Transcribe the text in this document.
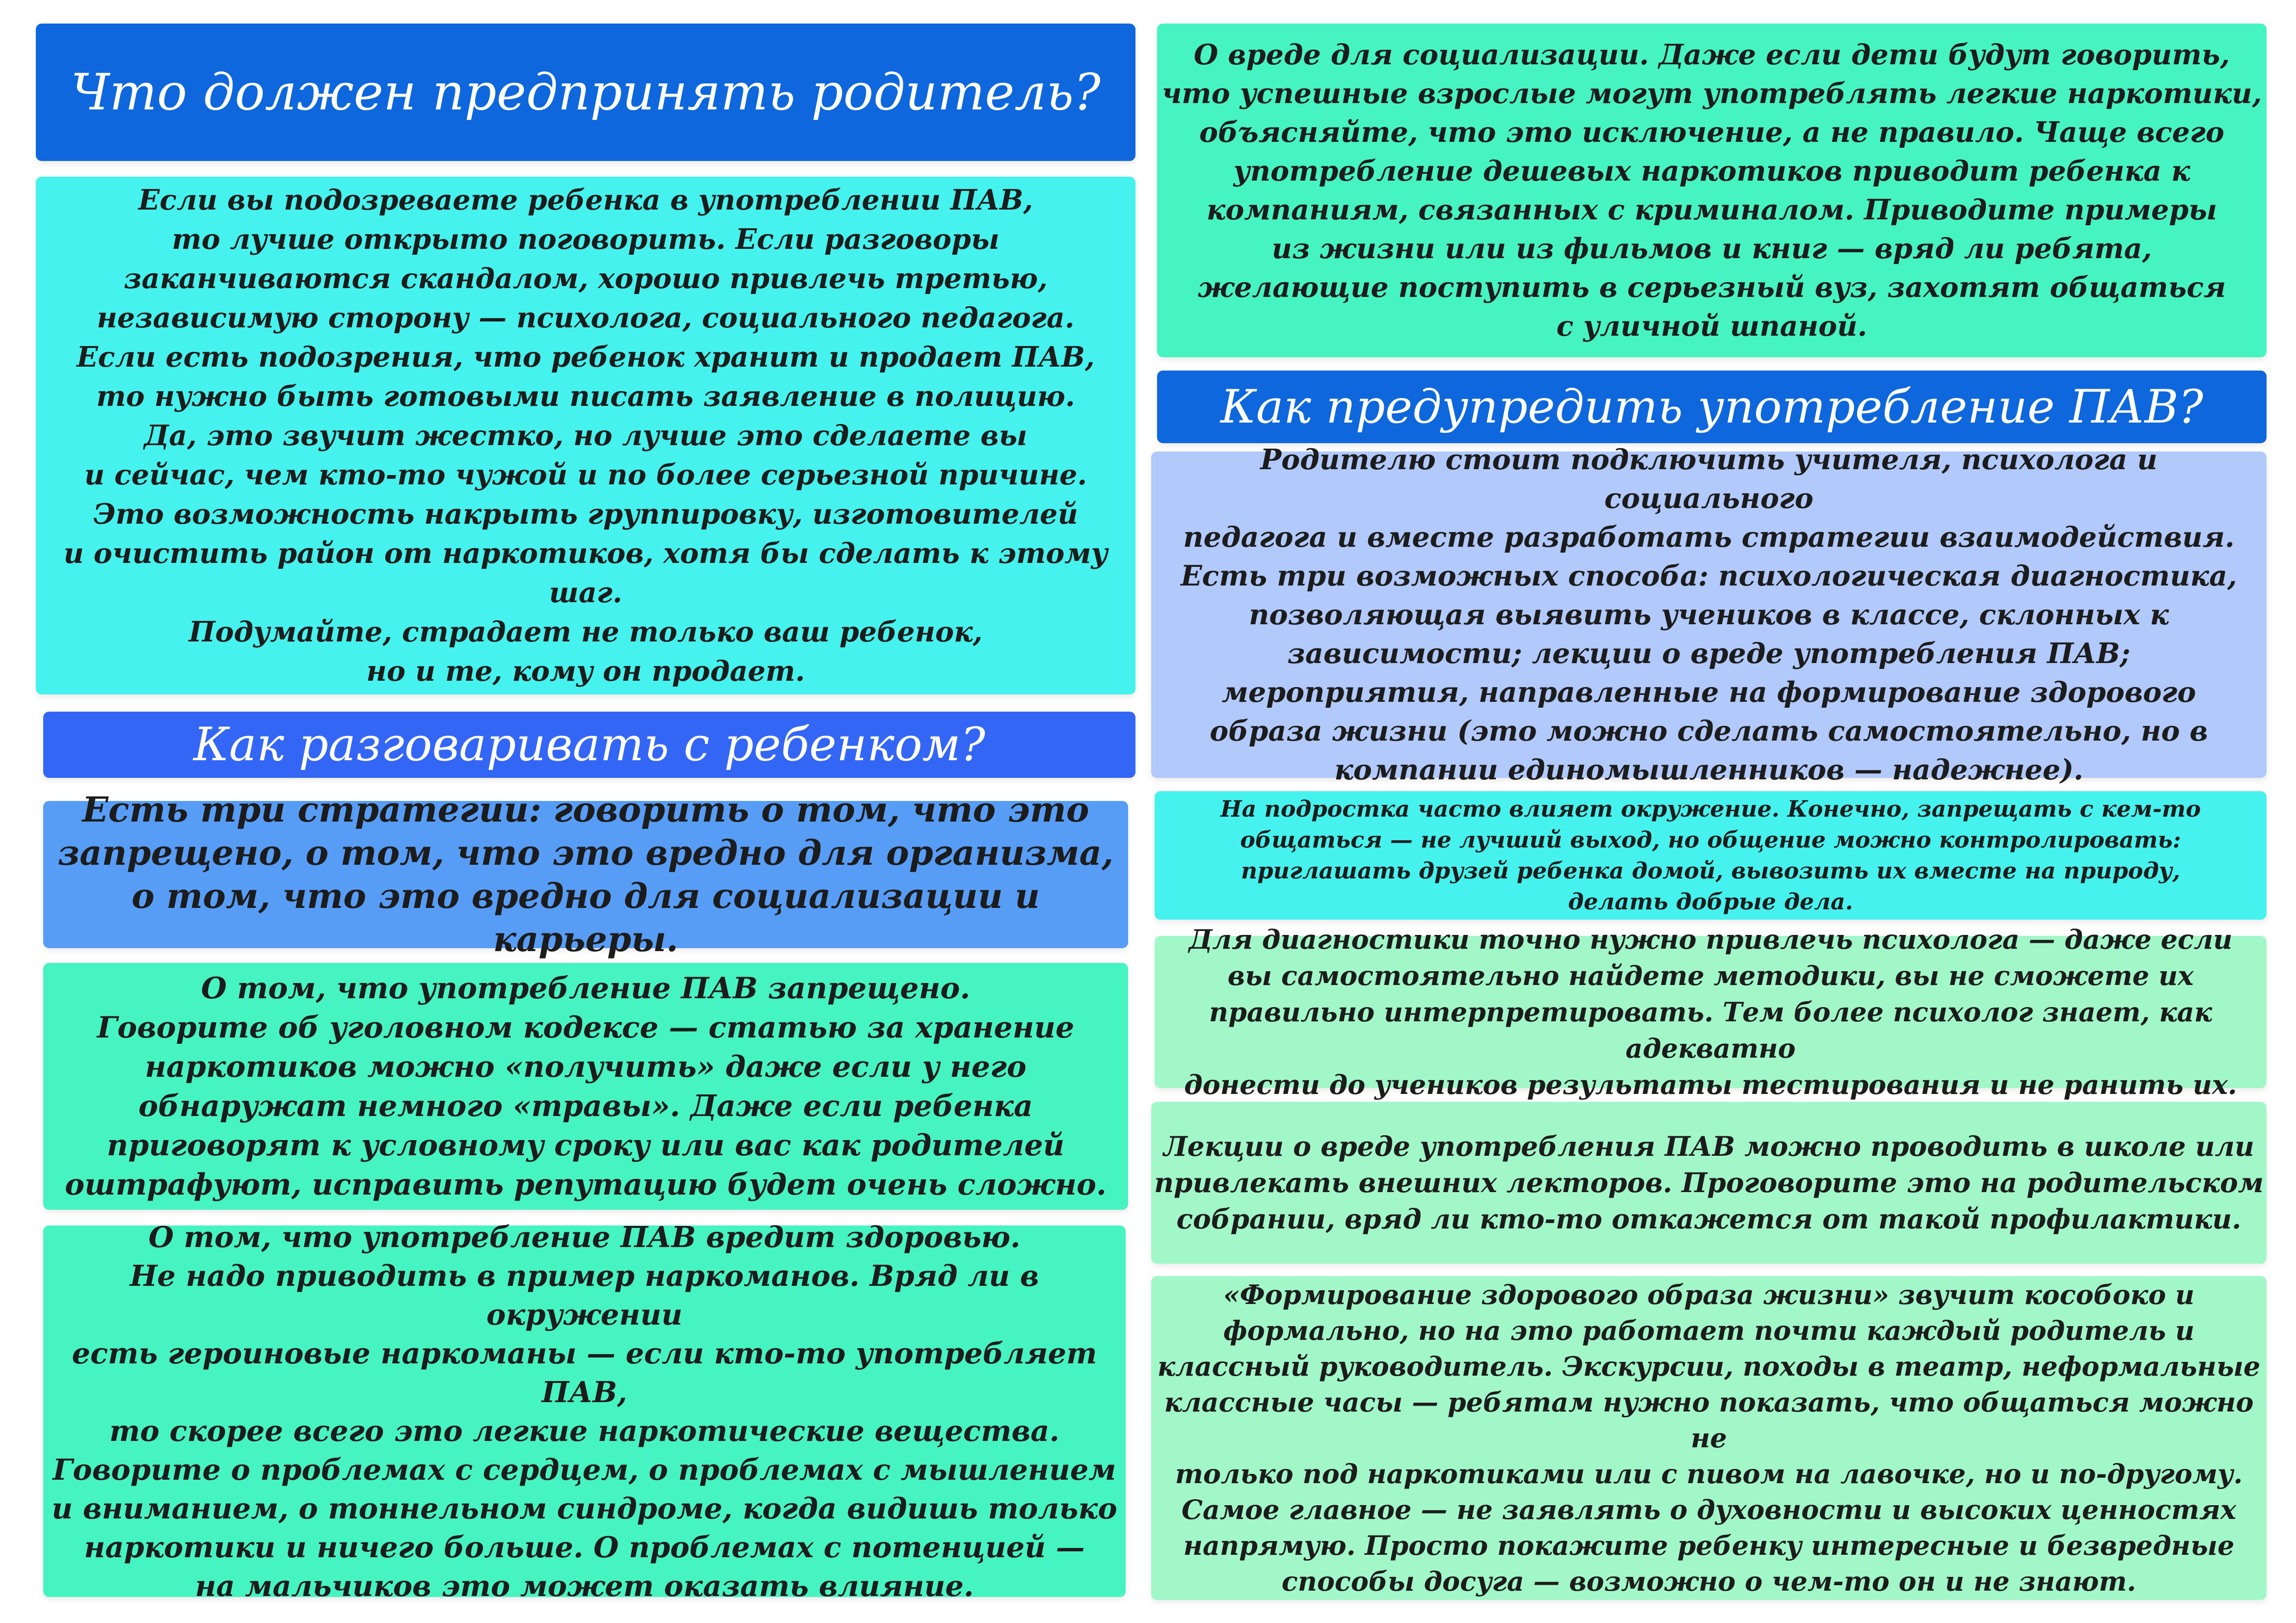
Что должен предпринять родитель?
Если вы подозреваете ребенка в употреблении ПАВ,
то лучше открыто поговорить. Если разговоры
заканчиваются скандалом, хорошо привлечь третью,
независимую сторону — психолога, социального педагога.
Если есть подозрения, что ребенок хранит и продает ПАВ,
то нужно быть готовыми писать заявление в полицию.
Да, это звучит жестко, но лучше это сделаете вы
и сейчас, чем кто-то чужой и по более серьезной причине.
Это возможность накрыть группировку, изготовителей
и очистить район от наркотиков, хотя бы сделать к этому шаг.
Подумайте, страдает не только ваш ребенок,
но и те, кому он продает.
Как разговаривать с ребенком?
Есть три стратегии: говорить о том, что это
запрещено, о том, что это вредно для организма,
о том, что это вредно для социализации и карьеры.
О том, что употребление ПАВ запрещено.
Говорите об уголовном кодексе — статью за хранение
наркотиков можно «получить» даже если у него
обнаружат немного «травы». Даже если ребенка
приговорят к условному сроку или вас как родителей
оштрафуют, исправить репутацию будет очень сложно.
О том, что употребление ПАВ вредит здоровью.
Не надо приводить в пример наркоманов. Вряд ли в окружении
есть героиновые наркоманы — если кто-то употребляет ПАВ,
то скорее всего это легкие наркотические вещества.
Говорите о проблемах с сердцем, о проблемах с мышлением
и вниманием, о тоннельном синдроме, когда видишь только
наркотики и ничего больше. О проблемах с потенцией —
на мальчиков это может оказать влияние.
О вреде для социализации. Даже если дети будут говорить,
что успешные взрослые могут употреблять легкие наркотики,
объясняйте, что это исключение, а не правило. Чаще всего
употребление дешевых наркотиков приводит ребенка к
компаниям, связанных с криминалом. Приводите примеры
из жизни или из фильмов и книг — вряд ли ребята,
желающие поступить в серьезный вуз, захотят общаться
с уличной шпаной.
Как предупредить употребление ПАВ?
Родителю стоит подключить учителя, психолога и социального
педагога и вместе разработать стратегии взаимодействия.
Есть три возможных способа: психологическая диагностика,
позволяющая выявить учеников в классе, склонных к
зависимости; лекции о вреде употребления ПАВ;
мероприятия, направленные на формирование здорового
образа жизни (это можно сделать самостоятельно, но в
компании единомышленников — надежнее).
На подростка часто влияет окружение. Конечно, запрещать с кем-то
общаться — не лучший выход, но общение можно контролировать:
приглашать друзей ребенка домой, вывозить их вместе на природу,
делать добрые дела.
Для диагностики точно нужно привлечь психолога — даже если
вы самостоятельно найдете методики, вы не сможете их
правильно интерпретировать. Тем более психолог знает, как адекватно
донести до учеников результаты тестирования и не ранить их.
Лекции о вреде употребления ПАВ можно проводить в школе или
привлекать внешних лекторов. Проговорите это на родительском
собрании, вряд ли кто-то откажется от такой профилактики.
«Формирование здорового образа жизни» звучит кособоко и
формально, но на это работает почти каждый родитель и
классный руководитель. Экскурсии, походы в театр, неформальные
классные часы — ребятам нужно показать, что общаться можно не
только под наркотиками или с пивом на лавочке, но и по-другому.
Самое главное — не заявлять о духовности и высоких ценностях
напрямую. Просто покажите ребенку интересные и безвредные
способы досуга — возможно о чем-то он и не знают.
